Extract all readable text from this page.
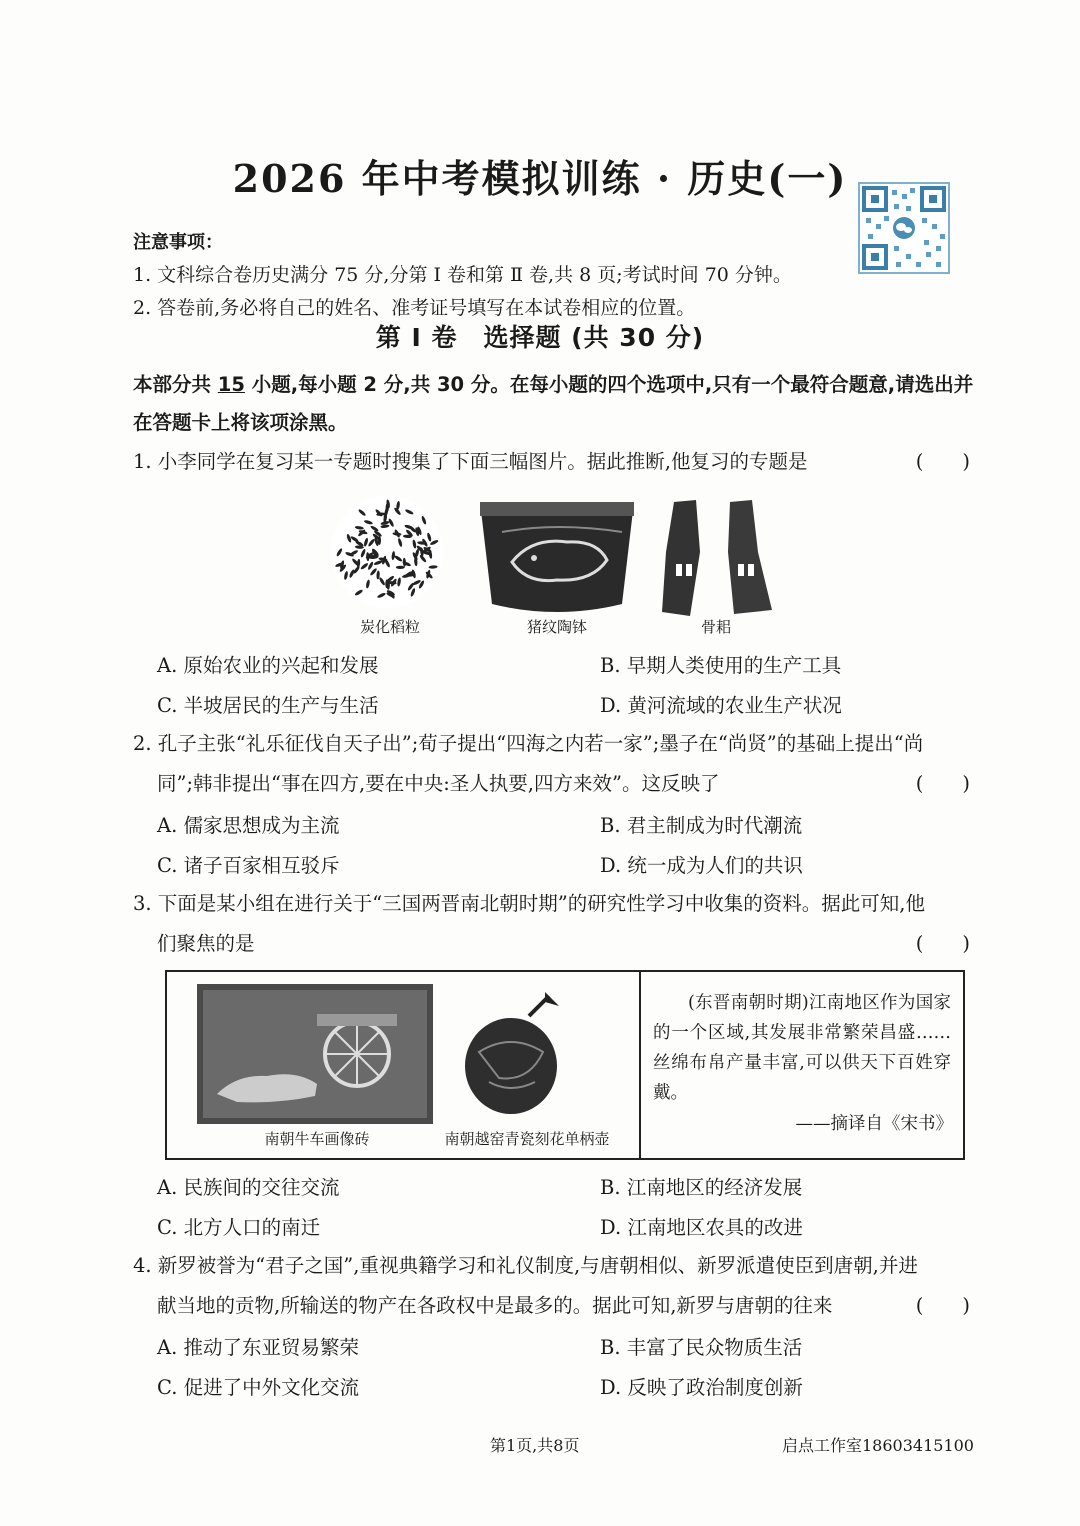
2026 年中考模拟训练 · 历史(一)
注意事项：
1. 文科综合卷历史满分 75 分,分第 Ⅰ 卷和第 Ⅱ 卷,共 8 页;考试时间 70 分钟。
2. 答卷前,务必将自己的姓名、准考证号填写在本试卷相应的位置。
第 Ⅰ 卷　选择题 (共 30 分)
本部分共 15 小题,每小题 2 分,共 30 分。在每小题的四个选项中,只有一个最符合题意,请选出并在答题卡上将该项涂黑。
1. 小李同学在复习某一专题时搜集了下面三幅图片。据此推断,他复习的专题是	(　　)
炭化稻粒	猪纹陶钵	骨耜
A. 原始农业的兴起和发展	B. 早期人类使用的生产工具
C. 半坡居民的生产与生活	D. 黄河流域的农业生产状况
2. 孔子主张“礼乐征伐自天子出”;荀子提出“四海之内若一家”;墨子在“尚贤”的基础上提出“尚
同”;韩非提出“事在四方,要在中央:圣人执要,四方来效”。这反映了	(　　)
A. 儒家思想成为主流	B. 君主制成为时代潮流
C. 诸子百家相互驳斥	D. 统一成为人们的共识
3. 下面是某小组在进行关于“三国两晋南北朝时期”的研究性学习中收集的资料。据此可知,他
们聚焦的是	(　　)
南朝牛车画像砖	南朝越窑青瓷刻花单柄壶
(东晋南朝时期)江南地区作为国家的一个区域,其发展非常繁荣昌盛……丝绵布帛产量丰富,可以供天下百姓穿戴。
——摘译自《宋书》
A. 民族间的交往交流	B. 江南地区的经济发展
C. 北方人口的南迁	D. 江南地区农具的改进
4. 新罗被誉为“君子之国”,重视典籍学习和礼仪制度,与唐朝相似、新罗派遣使臣到唐朝,并进
献当地的贡物,所输送的物产在各政权中是最多的。据此可知,新罗与唐朝的往来	(　　)
A. 推动了东亚贸易繁荣	B. 丰富了民众物质生活
C. 促进了中外文化交流	D. 反映了政治制度创新
第1页,共8页	启点工作室18603415100
